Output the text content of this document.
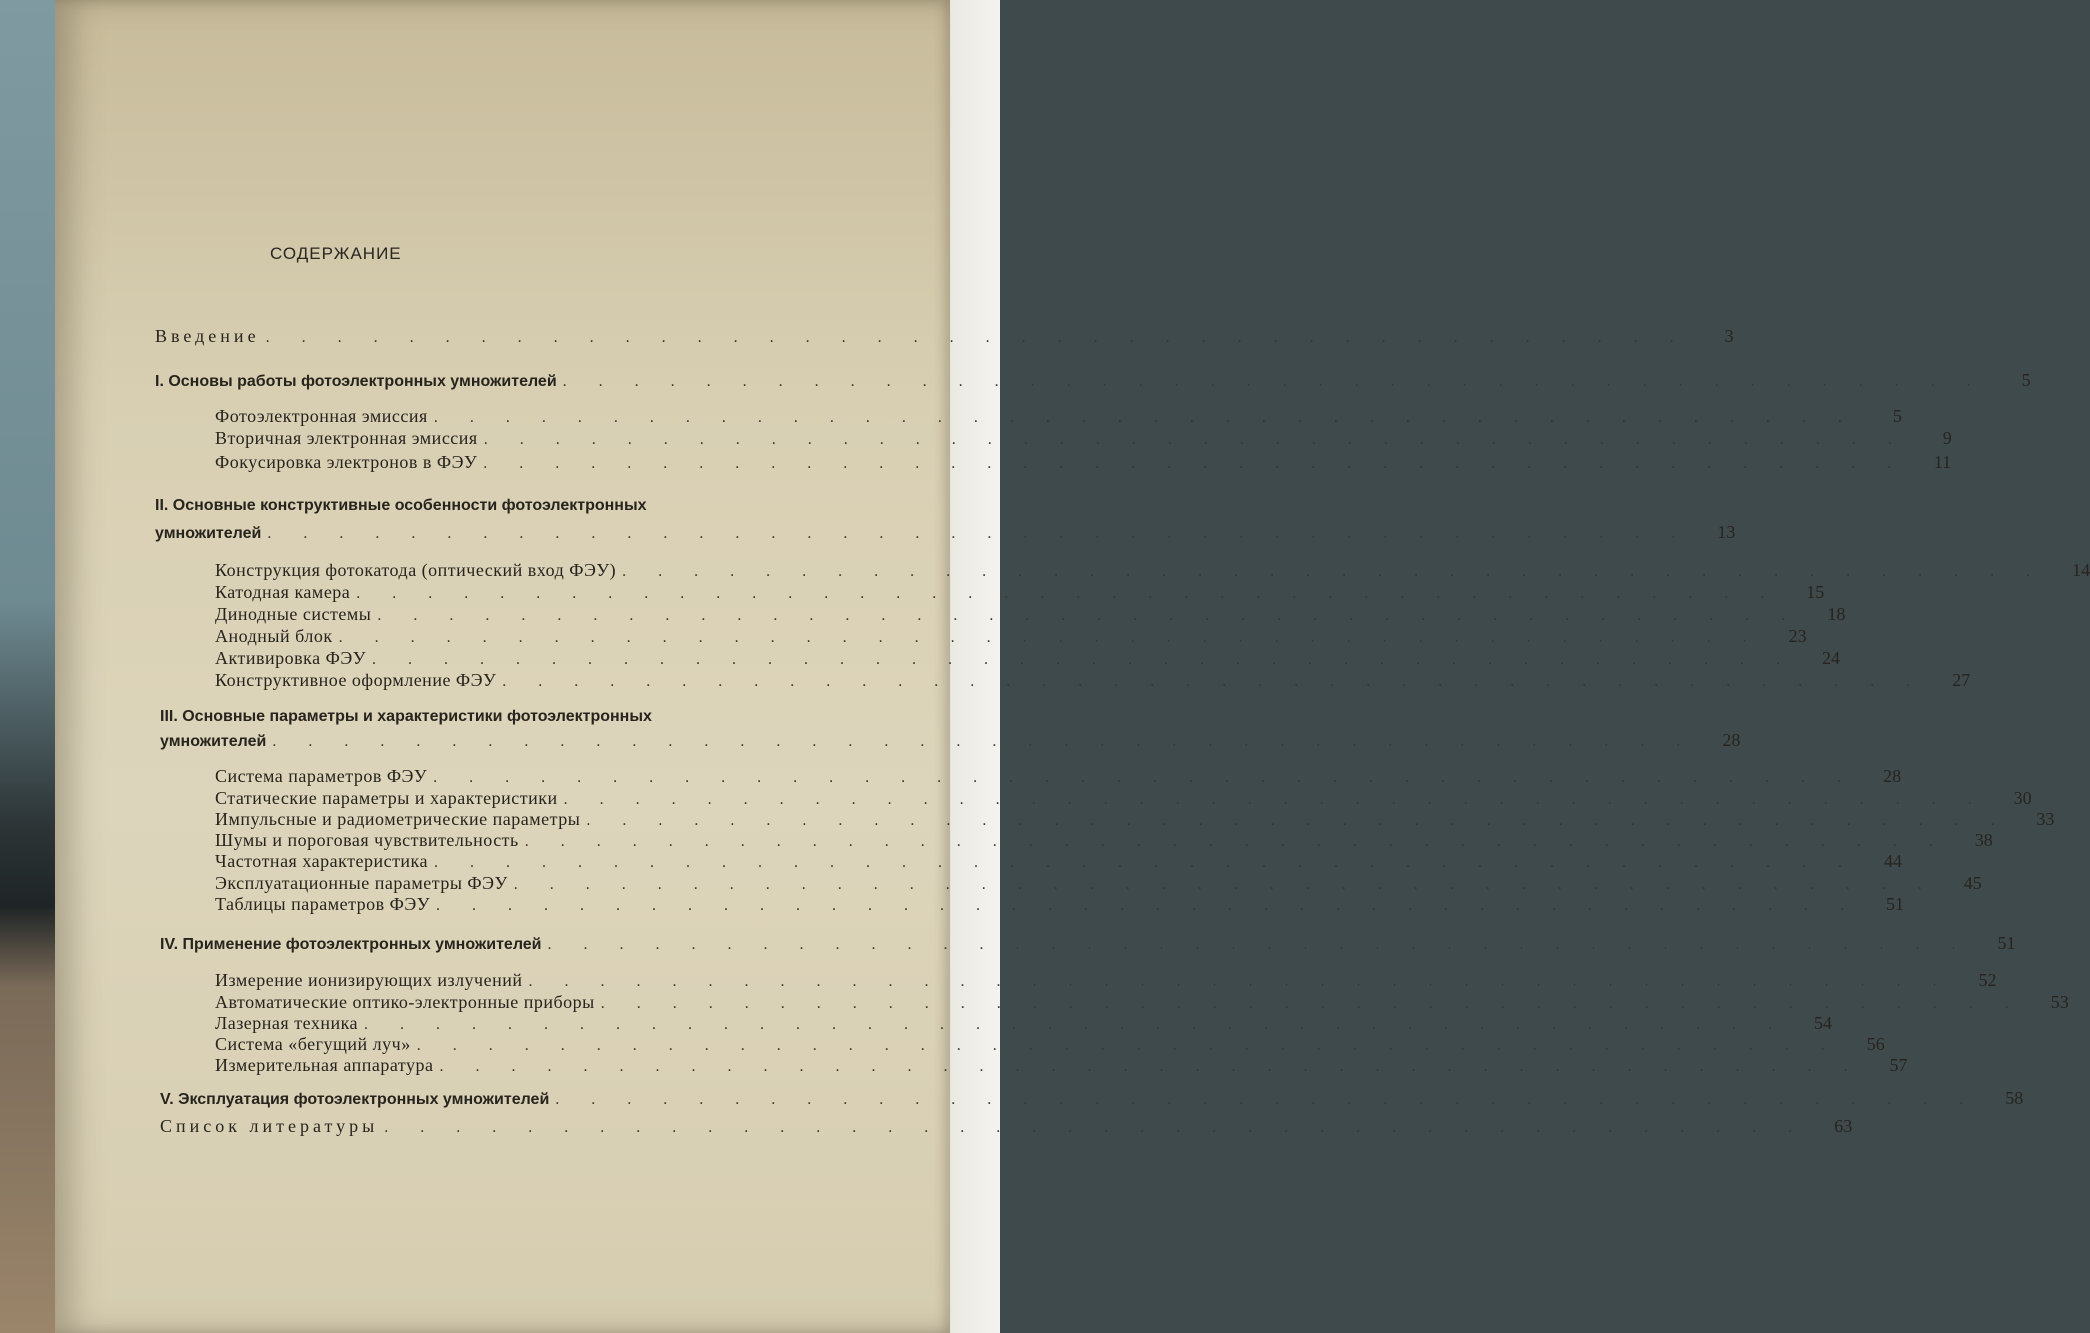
СОДЕРЖАНИЕ
Введение . . . . . . . . . . . . . . . . . . . . . . . . . . . . . . . . . . . . . . . .	3
I. Основы работы фотоэлектронных умножителей . . . . . . . . . . . . . . . . . . . . . . . . . . . . . . . . . . . . . . . .	5
Фотоэлектронная эмиссия . . . . . . . . . . . . . . . . . . . . . . . . . . . . . . . . . . . . . . . .	5
Вторичная электронная эмиссия . . . . . . . . . . . . . . . . . . . . . . . . . . . . . . . . . . . . . . . .	9
Фокусировка электронов в ФЭУ . . . . . . . . . . . . . . . . . . . . . . . . . . . . . . . . . . . . . . . .	11
II. Основные конструктивные особенности фотоэлектронных
умножителей . . . . . . . . . . . . . . . . . . . . . . . . . . . . . . . . . . . . . . . .	13
Конструкция фотокатода (оптический вход ФЭУ) . . . . . . . . . . . . . . . . . . . . . . . . . . . . . . . . . . . . . . . .	14
Катодная камера . . . . . . . . . . . . . . . . . . . . . . . . . . . . . . . . . . . . . . . .	15
Динодные системы . . . . . . . . . . . . . . . . . . . . . . . . . . . . . . . . . . . . . . . .	18
Анодный блок . . . . . . . . . . . . . . . . . . . . . . . . . . . . . . . . . . . . . . . .	23
Активировка ФЭУ . . . . . . . . . . . . . . . . . . . . . . . . . . . . . . . . . . . . . . . .	24
Конструктивное оформление ФЭУ . . . . . . . . . . . . . . . . . . . . . . . . . . . . . . . . . . . . . . . .	27
III. Основные параметры и характеристики фотоэлектронных
умножителей . . . . . . . . . . . . . . . . . . . . . . . . . . . . . . . . . . . . . . . .	28
Система параметров ФЭУ . . . . . . . . . . . . . . . . . . . . . . . . . . . . . . . . . . . . . . . .	28
Статические параметры и характеристики . . . . . . . . . . . . . . . . . . . . . . . . . . . . . . . . . . . . . . . .	30
Импульсные и радиометрические параметры . . . . . . . . . . . . . . . . . . . . . . . . . . . . . . . . . . . . . . . .	33
Шумы и пороговая чувствительность . . . . . . . . . . . . . . . . . . . . . . . . . . . . . . . . . . . . . . . .	38
Частотная характеристика . . . . . . . . . . . . . . . . . . . . . . . . . . . . . . . . . . . . . . . .	44
Эксплуатационные параметры ФЭУ . . . . . . . . . . . . . . . . . . . . . . . . . . . . . . . . . . . . . . . .	45
Таблицы параметров ФЭУ . . . . . . . . . . . . . . . . . . . . . . . . . . . . . . . . . . . . . . . .	51
IV. Применение фотоэлектронных умножителей . . . . . . . . . . . . . . . . . . . . . . . . . . . . . . . . . . . . . . . .	51
Измерение ионизирующих излучений . . . . . . . . . . . . . . . . . . . . . . . . . . . . . . . . . . . . . . . .	52
Автоматические оптико-электронные приборы . . . . . . . . . . . . . . . . . . . . . . . . . . . . . . . . . . . . . . . .	53
Лазерная техника . . . . . . . . . . . . . . . . . . . . . . . . . . . . . . . . . . . . . . . .	54
Система «бегущий луч» . . . . . . . . . . . . . . . . . . . . . . . . . . . . . . . . . . . . . . . .	56
Измерительная аппаратура . . . . . . . . . . . . . . . . . . . . . . . . . . . . . . . . . . . . . . . .	57
V. Эксплуатация фотоэлектронных умножителей . . . . . . . . . . . . . . . . . . . . . . . . . . . . . . . . . . . . . . . .	58
Список литературы . . . . . . . . . . . . . . . . . . . . . . . . . . . . . . . . . . . . . . . .	63
